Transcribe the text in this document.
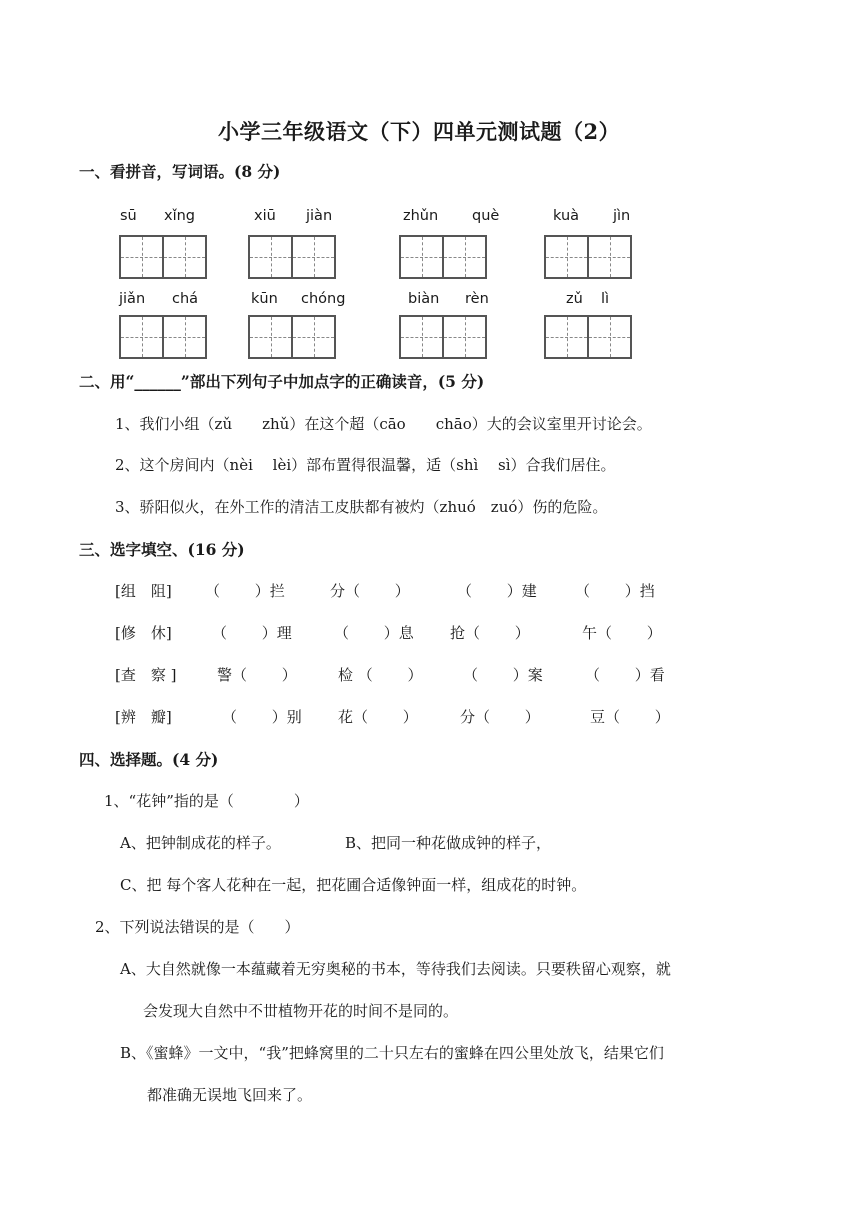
小学三年级语文（下）四单元测试题（2）
一、看拼音，写词语。(8 分)
sū xǐng	xiū jiàn	zhǔn què	kuà jìn
jiǎn chá	kūn chóng	biàn rèn	zǔ lì
二、用“______”部出下列句子中加点字的正确读音，(5 分)
1、我们小组（zǔ　　zhǔ）在这个超（cāo　　chāo）大的会议室里开讨论会。
2、这个房间内（nèi　 lèi）部布置得很温馨，适（shì　 sì）合我们居住。
3、骄阳似火，在外工作的清洁工皮肤都有被灼（zhuó　zuó）伤的危险。
三、选字填空、(16 分)
[组　阻] （　　 ）拦	分（　　 ）	（　　 ）建	（　　 ）挡
[修　休]	（　　 ）理	（　　 ）息 抢（　　 ）	午（　　 ）
[查　察 ]	警（　　 ）	检 （　　 ）	（　　 ）案	（　　 ）看
[辨　瓣]	（　　 ）别 花（　　 ）	分（　　 ）	豆（　　 ）
四、选择题。(4 分)
1、“花钟”指的是（　　　　）
A、把钟制成花的样子。	B、把同一种花做成钟的样子，
C、把 每个客人花种在一起，把花圃合适像钟面一样，组成花的时钟。
2、下列说法错误的是（　　）
A、大自然就像一本蕴藏着无穷奥秘的书本，等待我们去阅读。只要秩留心观察，就
会发现大自然中不丗植物开花的时间不是同的。
B、《蜜蜂》一文中，“我”把蜂窝里的二十只左右的蜜蜂在四公里处放飞，结果它们
都准确无误地飞回来了。
